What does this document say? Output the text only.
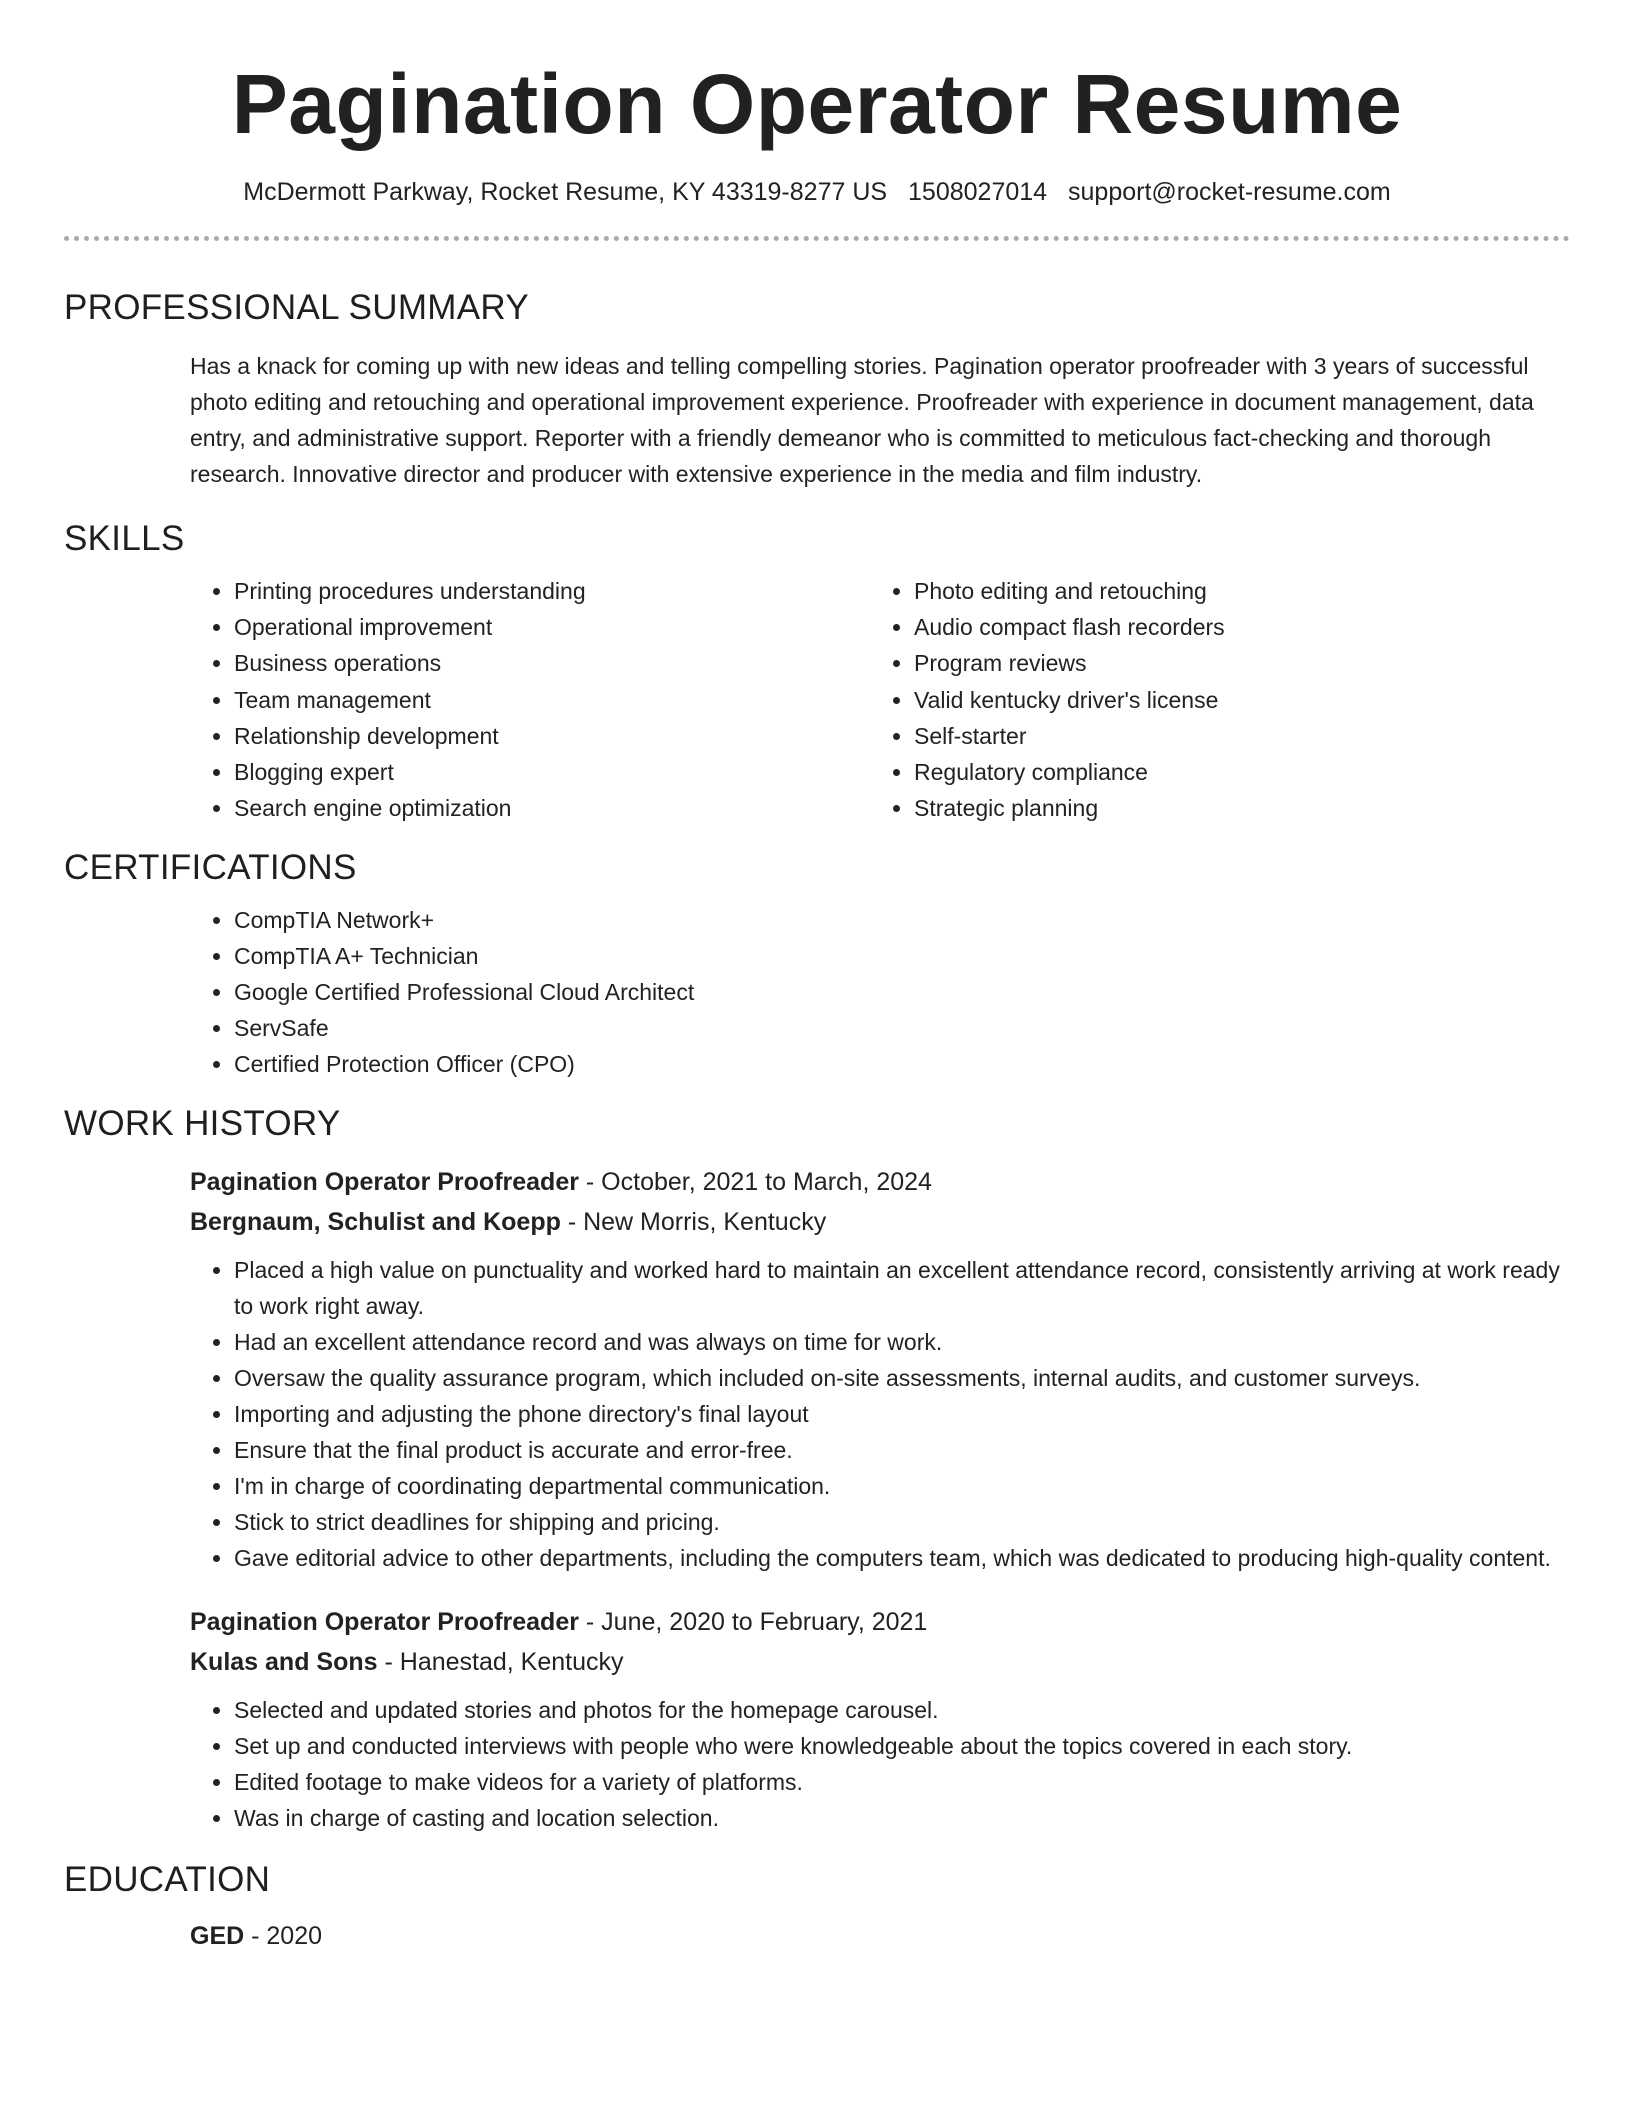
Pagination Operator Resume
McDermott Parkway, Rocket Resume, KY 43319-8277 US 1508027014 support@rocket-resume.com
PROFESSIONAL SUMMARY

Has a knack for coming up with new ideas and telling compelling stories. Pagination operator proofreader with 3 years of successful photo editing and retouching and operational improvement experience. Proofreader with experience in document management, data entry, and administrative support. Reporter with a friendly demeanor who is committed to meticulous fact-checking and thorough research. Innovative director and producer with extensive experience in the media and film industry.

SKILLS
• Printing procedures understanding
• Operational improvement
• Business operations
• Team management
• Relationship development
• Blogging expert
• Search engine optimization
• Photo editing and retouching
• Audio compact flash recorders
• Program reviews
• Valid kentucky driver's license
• Self-starter
• Regulatory compliance
• Strategic planning
CERTIFICATIONS
• CompTIA Network+
• CompTIA A+ Technician
• Google Certified Professional Cloud Architect
• ServSafe
• Certified Protection Officer (CPO)
WORK HISTORY
Pagination Operator Proofreader - October, 2021 to March, 2024
Bergnaum, Schulist and Koepp - New Morris, Kentucky
• Placed a high value on punctuality and worked hard to maintain an excellent attendance record, consistently arriving at work ready to work right away.
• Had an excellent attendance record and was always on time for work.
• Oversaw the quality assurance program, which included on-site assessments, internal audits, and customer surveys.
• Importing and adjusting the phone directory's final layout
• Ensure that the final product is accurate and error-free.
• I'm in charge of coordinating departmental communication.
• Stick to strict deadlines for shipping and pricing.
• Gave editorial advice to other departments, including the computers team, which was dedicated to producing high-quality content.
Pagination Operator Proofreader - June, 2020 to February, 2021
Kulas and Sons - Hanestad, Kentucky
• Selected and updated stories and photos for the homepage carousel.
• Set up and conducted interviews with people who were knowledgeable about the topics covered in each story.
• Edited footage to make videos for a variety of platforms.
• Was in charge of casting and location selection.
EDUCATION
GED - 2020
